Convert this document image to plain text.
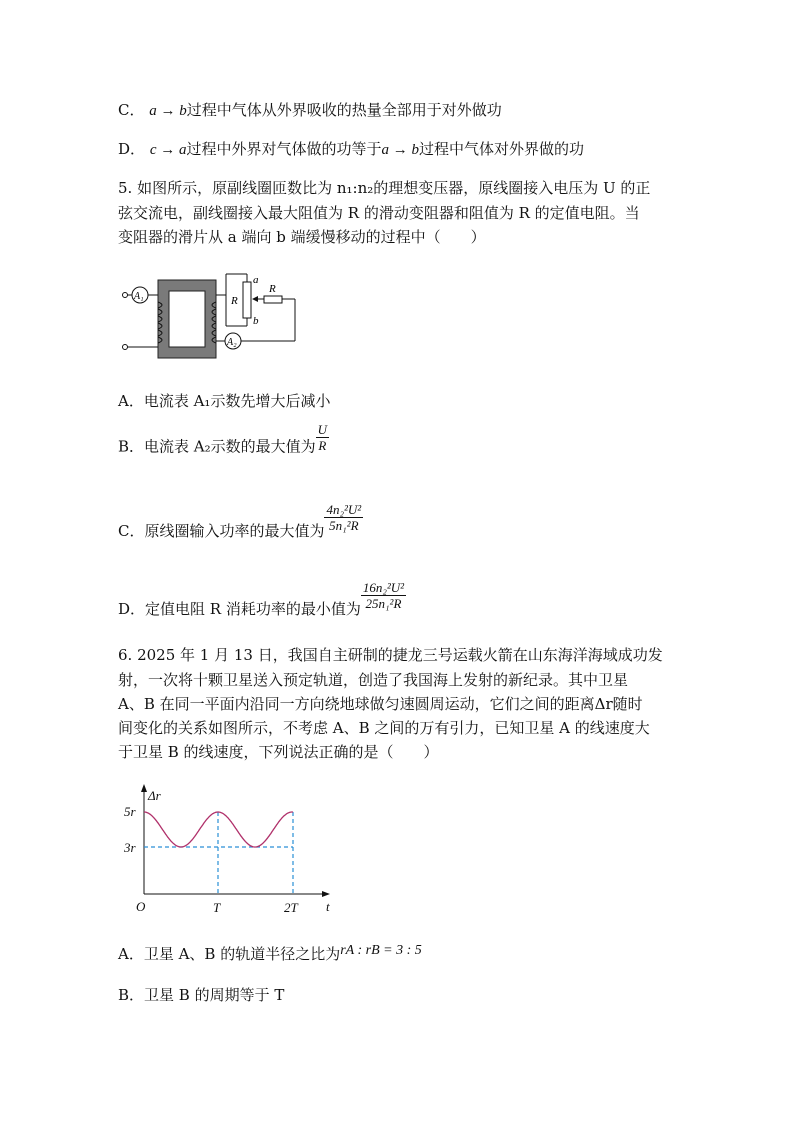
C． a → b过程中气体从外界吸收的热量全部用于对外做功
D． c → a过程中外界对气体做的功等于a → b过程中气体对外界做的功
5. 如图所示，原副线圈匝数比为 n₁:n₂的理想变压器，原线圈接入电压为 U 的正
弦交流电，副线圈接入最大阻值为 R 的滑动变阻器和阻值为 R 的定值电阻。当
变阻器的滑片从 a 端向 b 端缓慢移动的过程中（　　）
A₁	R
a
b
R
A₂
A．电流表 A₁示数先增大后减小
B．电流表 A₂示数的最大值为 $\frac{U}{R}$
C．原线圈输入功率的最大值为 $\frac{\text{4n₂²U²}}{\text{5n₁²R}}$
D．定值电阻 R 消耗功率的最小值为 $\frac{\text{16n₂²U²}}{\text{25n₁²R}}$
6. 2025 年 1 月 13 日，我国自主研制的捷龙三号运载火箭在山东海洋海域成功发
射，一次将十颗卫星送入预定轨道，创造了我国海上发射的新纪录。其中卫星
A、B 在同一平面内沿同一方向绕地球做匀速圆周运动，它们之间的距离Δr随时
间变化的关系如图所示，不考虑 A、B 之间的万有引力，已知卫星 A 的线速度大
于卫星 B 的线速度，下列说法正确的是（　　）
Δr
t
O
5r
3r
T	2T
A．卫星 A、B 的轨道半径之比为rA : rB = 3 : 5
B．卫星 B 的周期等于 T
